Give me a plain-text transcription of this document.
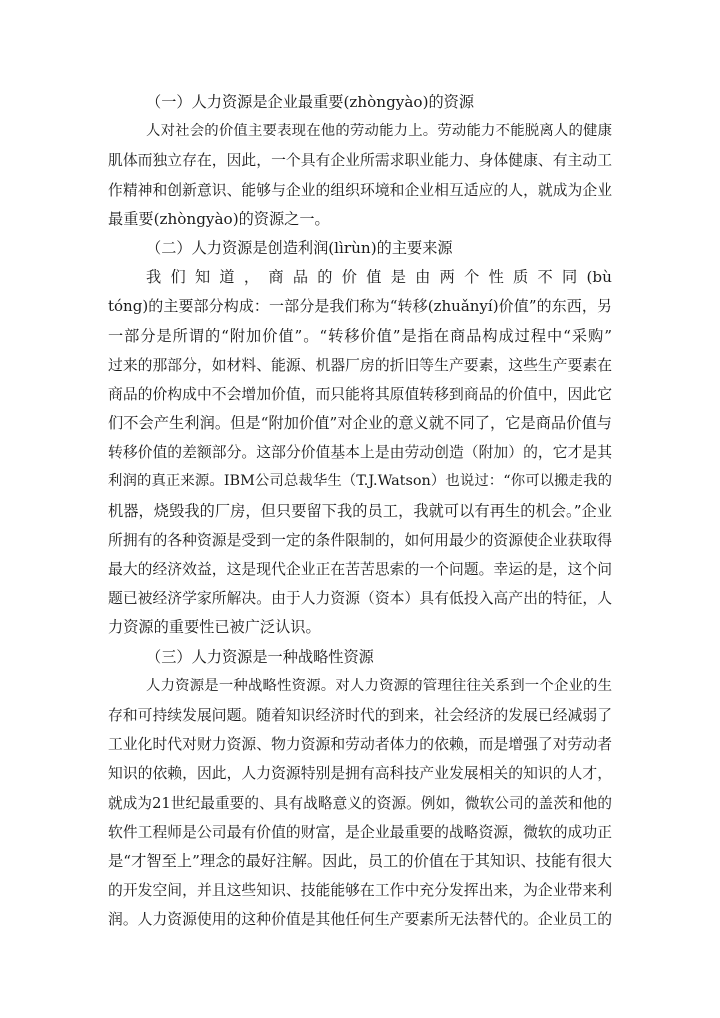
（一）人力资源是企业最重要(zhòngyào)的资源
人对社会的价值主要表现在他的劳动能力上。劳动能力不能脱离人的健康
肌体而独立存在，因此，一个具有企业所需求职业能力、身体健康、有主动工
作精神和创新意识、能够与企业的组织环境和企业相互适应的人，就成为企业
最重要(zhòngyào)的资源之一。
（二）人力资源是创造利润(lìrùn)的主要来源
我 们 知 道 ， 商 品 的 价 值 是 由 两 个 性 质 不 同 (bù
tóng)的主要部分构成：一部分是我们称为“转移(zhuǎnyí)价值”的东西，另
一部分是所谓的“附加价值”。“转移价值”是指在商品构成过程中“采购”
过来的那部分，如材料、能源、机器厂房的折旧等生产要素，这些生产要素在
商品的价构成中不会增加价值，而只能将其原值转移到商品的价值中，因此它
们不会产生利润。但是“附加价值”对企业的意义就不同了，它是商品价值与
转移价值的差额部分。这部分价值基本上是由劳动创造（附加）的，它才是其
利润的真正来源。IBM公司总裁华生（T.J.Watson）也说过：“你可以搬走我的
机器，烧毁我的厂房，但只要留下我的员工，我就可以有再生的机会。”企业
所拥有的各种资源是受到一定的条件限制的，如何用最少的资源使企业获取得
最大的经济效益，这是现代企业正在苦苦思索的一个问题。幸运的是，这个问
题已被经济学家所解决。由于人力资源（资本）具有低投入高产出的特征，人
力资源的重要性已被广泛认识。
（三）人力资源是一种战略性资源
人力资源是一种战略性资源。对人力资源的管理往往关系到一个企业的生
存和可持续发展问题。随着知识经济时代的到来，社会经济的发展已经减弱了
工业化时代对财力资源、物力资源和劳动者体力的依赖，而是增强了对劳动者
知识的依赖，因此，人力资源特别是拥有高科技产业发展相关的知识的人才，
就成为21世纪最重要的、具有战略意义的资源。例如，微软公司的盖茨和他的
软件工程师是公司最有价值的财富，是企业最重要的战略资源，微软的成功正
是“才智至上”理念的最好注解。因此，员工的价值在于其知识、技能有很大
的开发空间，并且这些知识、技能能够在工作中充分发挥出来，为企业带来利
润。人力资源使用的这种价值是其他任何生产要素所无法替代的。企业员工的
